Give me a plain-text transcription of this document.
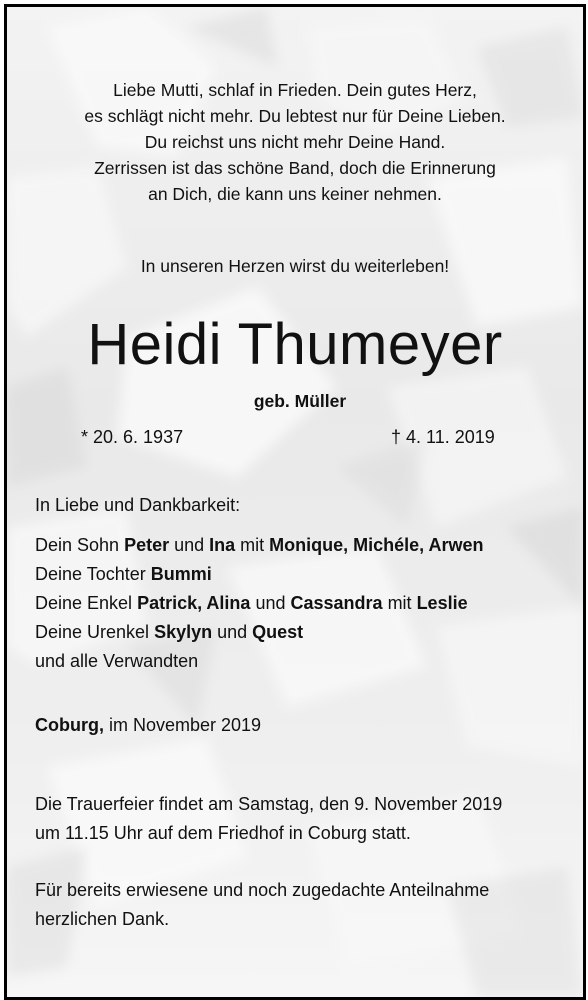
Liebe Mutti, schlaf in Frieden. Dein gutes Herz,
es schlägt nicht mehr. Du lebtest nur für Deine Lieben.
Du reichst uns nicht mehr Deine Hand.
Zerrissen ist das schöne Band, doch die Erinnerung
an Dich, die kann uns keiner nehmen.
In unseren Herzen wirst du weiterleben!
Heidi Thumeyer
geb. Müller
* 20. 6. 1937	† 4. 11. 2019
In Liebe und Dankbarkeit:
Dein Sohn Peter und Ina mit Monique, Michéle, Arwen
Deine Tochter Bummi
Deine Enkel Patrick, Alina und Cassandra mit Leslie
Deine Urenkel Skylyn und Quest
und alle Verwandten
Coburg, im November 2019
Die Trauerfeier findet am Samstag, den 9. November 2019
um 11.15 Uhr auf dem Friedhof in Coburg statt.
Für bereits erwiesene und noch zugedachte Anteilnahme
herzlichen Dank.
